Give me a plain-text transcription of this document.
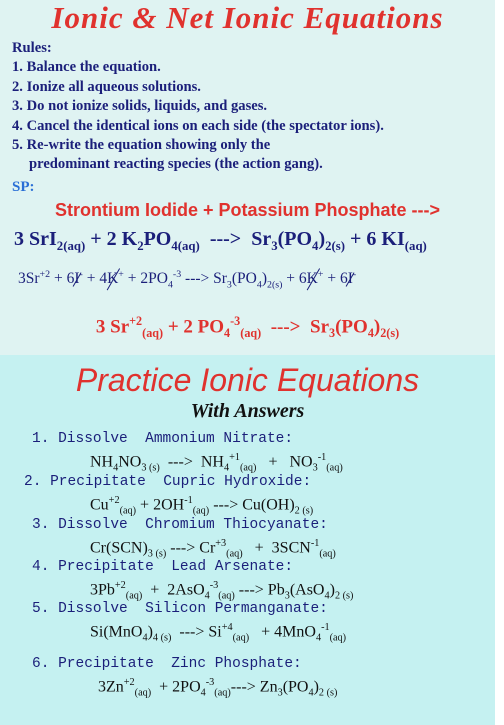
Ionic & Net Ionic Equations
Rules:
1. Balance the equation.
2. Ionize all aqueous solutions.
3. Do not ionize solids, liquids, and gases.
4. Cancel the identical ions on each side (the spectator ions).
5. Re-write the equation showing only the
predominant reacting species (the action gang).
SP:
Strontium Iodide + Potassium Phosphate --->
3 SrI$_{2(aq)}$ + 2 $K_2PO_{4(aq)}$  --->  $Sr_3(PO_4)_{2(s)} + 6$ $KI_{(aq)}$
$3Sr^{+2} + 6I^- + 4K^+ + 2PO_4^{-3}$ ---> $Sr_3(PO_4)_{2(s)} + 6K^+ + 6I^-$
3 $Sr^{+2}_{(aq)} + 2$ $PO_4^{-3}_{(aq)}$  --->  $Sr_3(PO_4)_{2(s)}$
Practice Ionic Equations
With Answers
1. Dissolve  Ammonium Nitrate:
$NH_4NO_{3 (s)}$  --->  $NH_4^{+1}_{(aq)} + NO_3^{-1}_{(aq)}$
2. Precipitate  Cupric Hydroxide:
$Cu^{+2}_{(aq)} + 2OH^{-1}_{(aq)}$ ---> $Cu(OH)_{2 (s)}$
3. Dissolve  Chromium Thiocyanate:
$Cr(SCN)_{3 (s)}$ ---> $Cr^{+3}_{(aq)} + 3SCN^{-1}_{(aq)}$
4. Precipitate  Lead Arsenate:
$3Pb^{+2}_{(aq)} + 2AsO_4^{-3}_{(aq)}$ ---> $Pb_3(AsO_4)_{2 (s)}$
5. Dissolve  Silicon Permanganate:
$Si(MnO_4)_{4 (s)}$  ---> $Si^{+4}_{(aq)} + 4MnO_4^{-1}_{(aq)}$
6. Precipitate  Zinc Phosphate:
$3Zn^{+2}_{(aq)} + 2PO_4^{-3}_{(aq)}---> Zn_3(PO_4)_{2 (s)}$
